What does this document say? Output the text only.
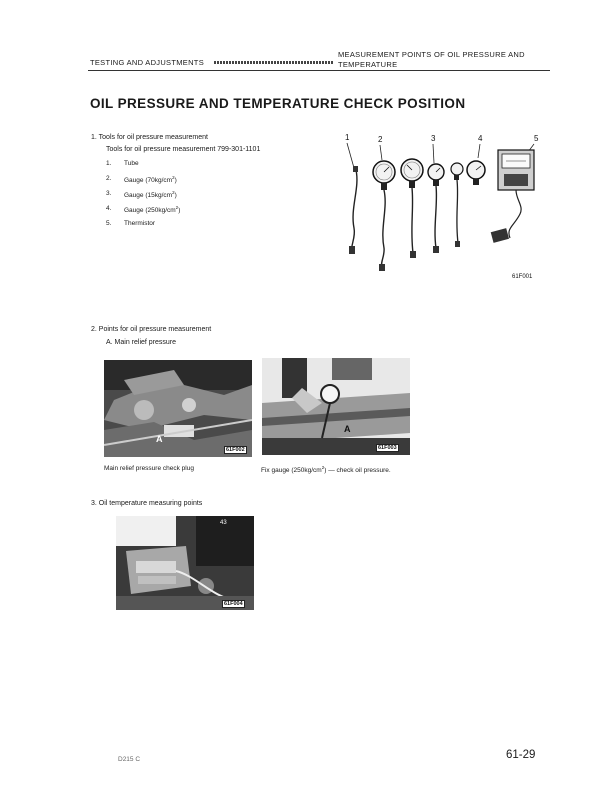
TESTING AND ADJUSTMENTS
MEASUREMENT POINTS OF OIL PRESSURE AND
TEMPERATURE
OIL PRESSURE AND TEMPERATURE CHECK POSITION
1. Tools for oil pressure measurement
Tools for oil pressure measurement 799-301-1101
1. Tube
2. Gauge $(70kg/cm^2)$
3. Gauge $(15kg/cm^2)$
4. Gauge $(250kg/cm^2)$
5. Thermistor
1	2	3	4	5
61F001
2. Points for oil pressure measurement
A. Main relief pressure
61F002
A
61F003
A
Main relief pressure check plug	Fix gauge $(250kg/cm^2)$ — check oil pressure.
3. Oil temperature measuring points
43
61F004
D215 C	61-29
